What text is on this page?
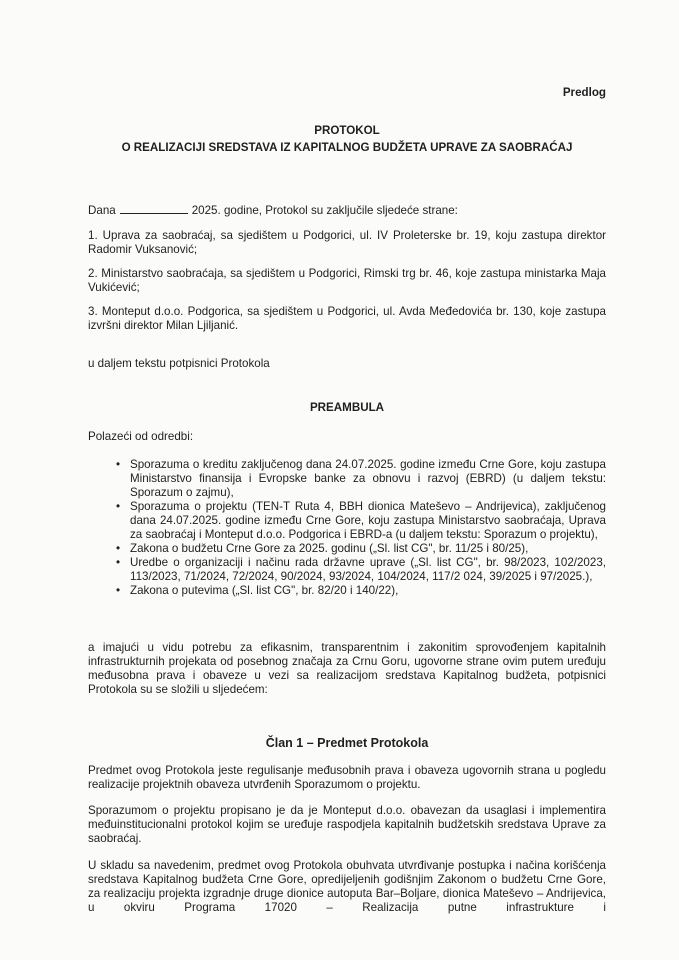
Predlog

PROTOKOL

O REALIZACIJI SREDSTAVA IZ KAPITALNOG BUDŽETA UPRAVE ZA SAOBRAĆAJ

Dana	2025. godine, Protokol su zaključile sljedeće strane:

1. Uprava za saobraćaj, sa sjedištem u Podgorici, ul. IV Proleterske br. 19, koju zastupa direktor Radomir Vuksanović;

2. Ministarstvo saobraćaja, sa sjedištem u Podgorici, Rimski trg br. 46, koje zastupa ministarka Maja Vukićević;

3. Monteput d.o.o. Podgorica, sa sjedištem u Podgorici, ul. Avda Međedovića br. 130, koje zastupa izvršni direktor Milan Ljiljanić.

u daljem tekstu potpisnici Protokola

PREAMBULA

Polazeći od odredbi:

• Sporazuma o kreditu zaključenog dana 24.07.2025. godine između Crne Gore, koju zastupa Ministarstvo finansija i Evropske banke za obnovu i razvoj (EBRD) (u daljem tekstu: Sporazum o zajmu),
• Sporazuma o projektu (TEN-T Ruta 4, BBH dionica Mateševo – Andrijevica), zaključenog dana 24.07.2025. godine između Crne Gore, koju zastupa Ministarstvo saobraćaja, Uprava za saobraćaj i Monteput d.o.o. Podgorica i EBRD-a (u daljem tekstu: Sporazum o projektu),
• Zakona o budžetu Crne Gore za 2025. godinu („Sl. list CG", br. 11/25 i 80/25),
• Uredbe o organizaciji i načinu rada državne uprave („Sl. list CG", br. 98/2023, 102/2023, 113/2023, 71/2024, 72/2024, 90/2024, 93/2024, 104/2024, 117/2 024, 39/2025 i 97/2025.),
• Zakona o putevima („Sl. list CG", br. 82/20 i 140/22),

a imajući u vidu potrebu za efikasnim, transparentnim i zakonitim sprovođenjem kapitalnih infrastrukturnih projekata od posebnog značaja za Crnu Goru, ugovorne strane ovim putem uređuju međusobna prava i obaveze u vezi sa realizacijom sredstava Kapitalnog budžeta, potpisnici Protokola su se složili u sljedećem:

Član 1 – Predmet Protokola

Predmet ovog Protokola jeste regulisanje međusobnih prava i obaveza ugovornih strana u pogledu realizacije projektnih obaveza utvrđenih Sporazumom o projektu.

Sporazumom o projektu propisano je da je Monteput d.o.o. obavezan da usaglasi i implementira međuinstitucionalni protokol kojim se uređuje raspodjela kapitalnih budžetskih sredstava Uprave za saobraćaj.

U skladu sa navedenim, predmet ovog Protokola obuhvata utvrđivanje postupka i načina korišćenja sredstava Kapitalnog budžeta Crne Gore, opredijeljenih godišnjim Zakonom o budžetu Crne Gore, za realizaciju projekta izgradnje druge dionice autoputa Bar–Boljare, dionica Mateševo – Andrijevica, u okviru Programa 17020 – Realizacija putne infrastrukture i
